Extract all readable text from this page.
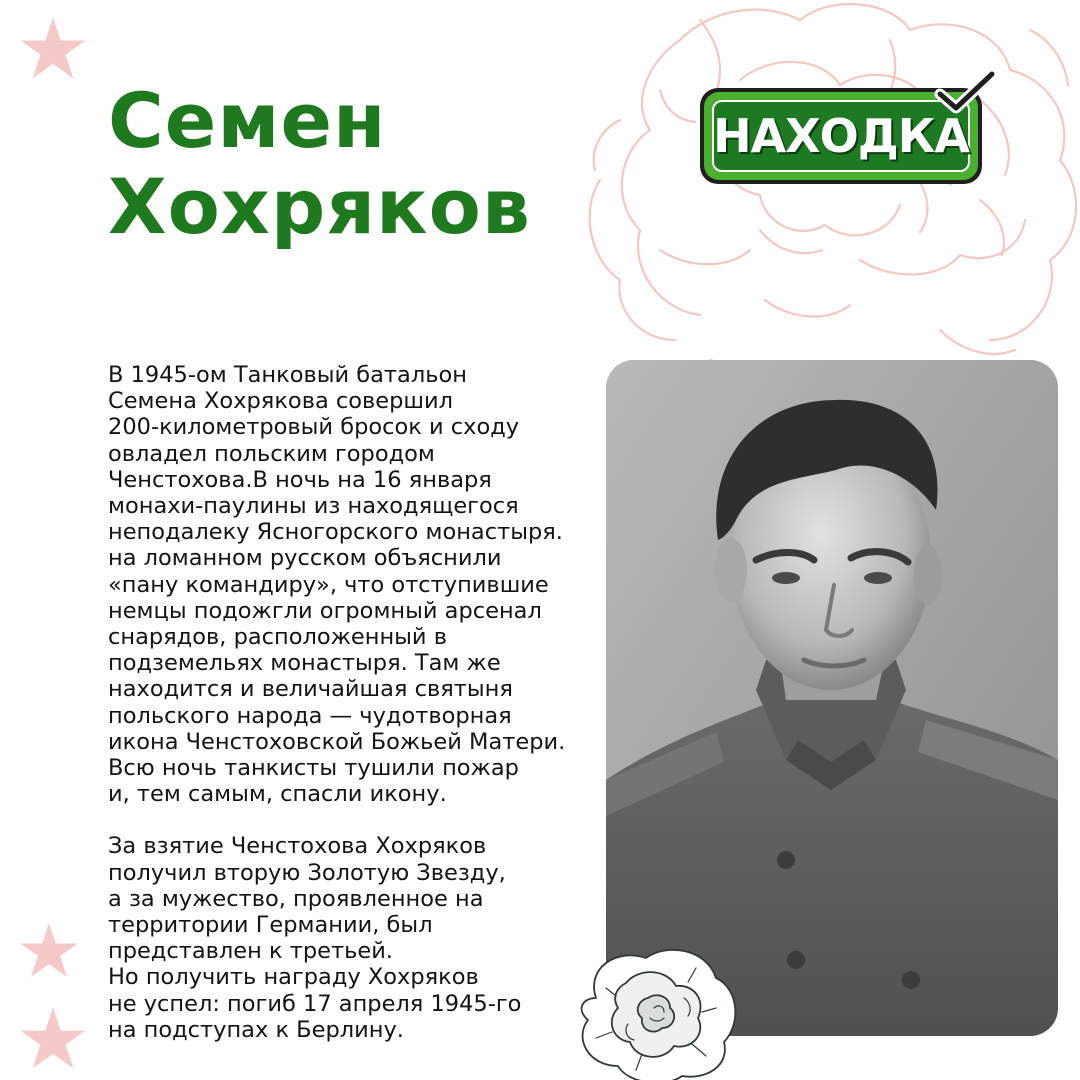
Семен
Хохряков
НАХОДКА

В 1945-ом Танковый батальон
Семена Хохрякова совершил
200-километровый бросок и сходу
овладел польским городом
Ченстохова.В ночь на 16 января
монахи-паулины из находящегося
неподалеку Ясногорского монастыря.
на ломанном русском объяснили
«пану командиру», что отступившие
немцы подожгли огромный арсенал
снарядов, расположенный в
подземельях монастыря. Там же
находится и величайшая святыня
польского народа — чудотворная
икона Ченстоховской Божьей Матери.
Всю ночь танкисты тушили пожар
и, тем самым, спасли икону.

За взятие Ченстохова Хохряков
получил вторую Золотую Звезду,
а за мужество, проявленное на
территории Германии, был
представлен к третьей.
Но получить награду Хохряков
не успел: погиб 17 апреля 1945-го
на подступах к Берлину.
